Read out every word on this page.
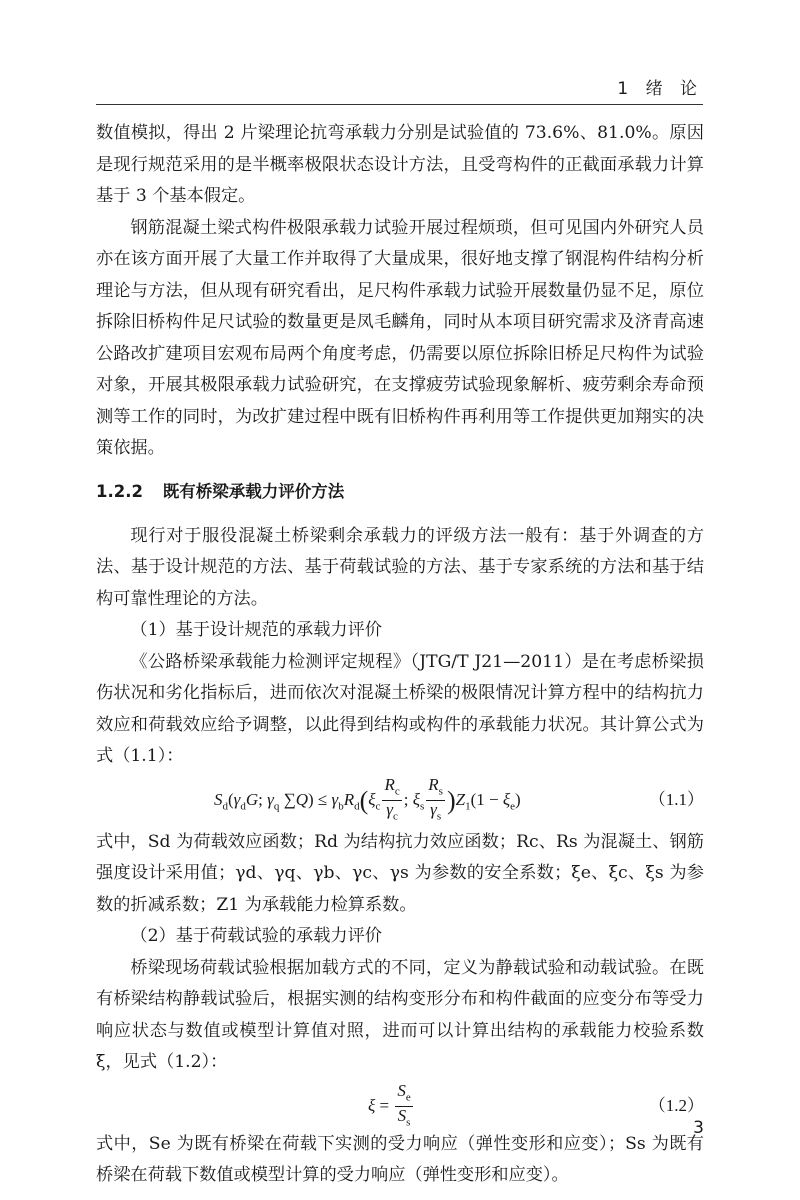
1 绪 论

数值模拟，得出 2 片梁理论抗弯承载力分别是试验值的 73.6%、81.0%。原因是现行规范采用的是半概率极限状态设计方法，且受弯构件的正截面承载力计算基于 3 个基本假定。

钢筋混凝土梁式构件极限承载力试验开展过程烦琐，但可见国内外研究人员亦在该方面开展了大量工作并取得了大量成果，很好地支撑了钢混构件结构分析理论与方法，但从现有研究看出，足尺构件承载力试验开展数量仍显不足，原位拆除旧桥构件足尺试验的数量更是凤毛麟角，同时从本项目研究需求及济青高速公路改扩建项目宏观布局两个角度考虑，仍需要以原位拆除旧桥足尺构件为试验对象，开展其极限承载力试验研究，在支撑疲劳试验现象解析、疲劳剩余寿命预测等工作的同时，为改扩建过程中既有旧桥构件再利用等工作提供更加翔实的决策依据。

1.2.2 既有桥梁承载力评价方法

现行对于服役混凝土桥梁剩余承载力的评级方法一般有：基于外调查的方法、基于设计规范的方法、基于荷载试验的方法、基于专家系统的方法和基于结构可靠性理论的方法。

（1）基于设计规范的承载力评价

《公路桥梁承载能力检测评定规程》（JTG/T J21—2011）是在考虑桥梁损伤状况和劣化指标后，进而依次对混凝土桥梁的极限情况计算方程中的结构抗力效应和荷载效应给予调整，以此得到结构或构件的承载能力状况。其计算公式为式（1.1）：

$S_d(\gamma_dG$; $\gamma_q$ $\sum Q) \le \gamma_bR_d(\xi_c \frac{R_c}{\gamma_c}$ ; $\xi_s \frac{R_s}{\gamma_s} )Z_1(1 - \xi_e)$	（1.1）

式中，Sd 为荷载效应函数；Rd 为结构抗力效应函数；Rc、Rs 为混凝土、钢筋强度设计采用值；γd、γq、γb、γc、γs 为参数的安全系数；ξe、ξc、ξs 为参数的折减系数；Z1 为承载能力检算系数。

（2）基于荷载试验的承载力评价

桥梁现场荷载试验根据加载方式的不同，定义为静载试验和动载试验。在既有桥梁结构静载试验后，根据实测的结构变形分布和构件截面的应变分布等受力响应状态与数值或模型计算值对照，进而可以计算出结构的承载能力校验系数 ξ，见式（1.2）：

$\xi = \frac{S_e}{S_s}$	（1.2）

式中，Se 为既有桥梁在荷载下实测的受力响应（弹性变形和应变）；Ss 为既有桥梁在荷载下数值或模型计算的受力响应（弹性变形和应变）。

3
